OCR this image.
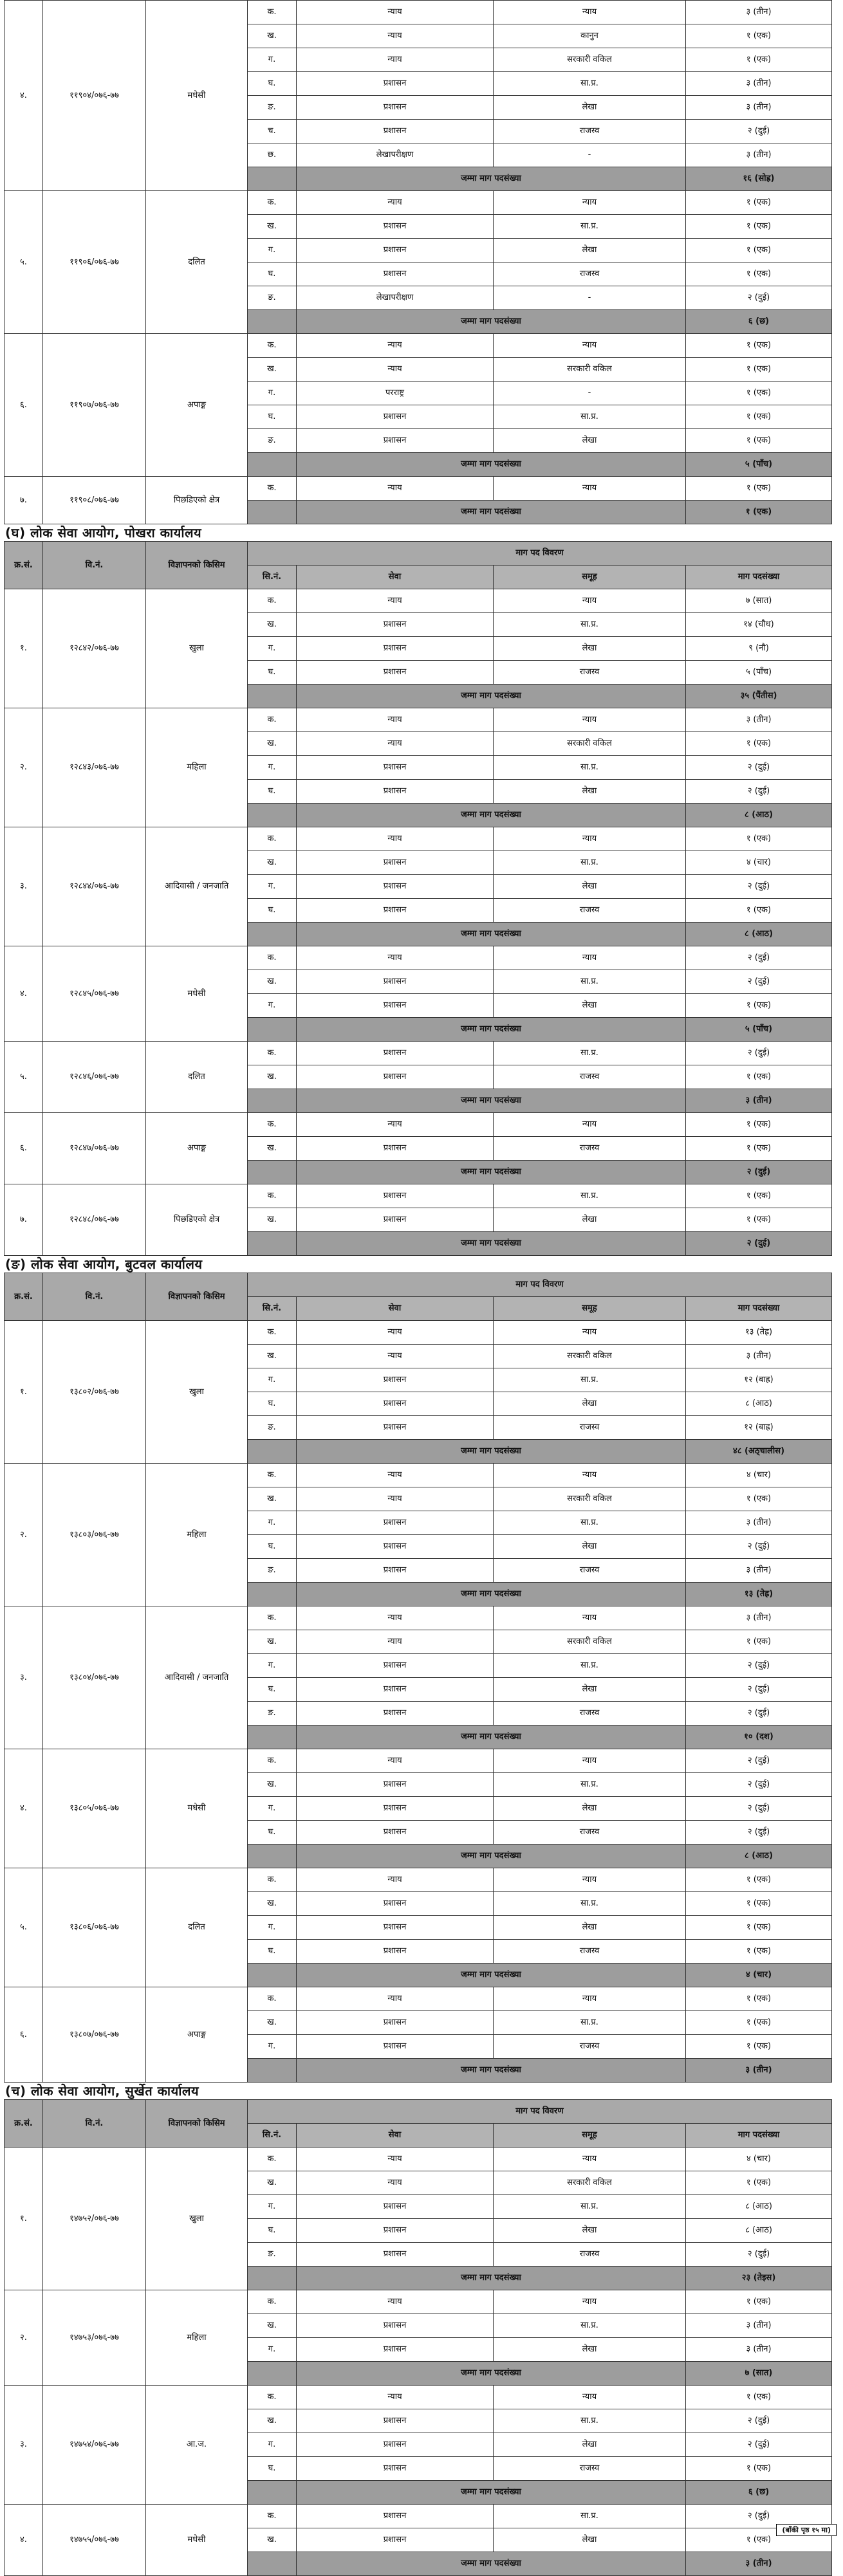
४.	११९०४/०७६-७७	मधेसी	क.	न्याय	न्याय	३ (तीन)
			ख.	न्याय	कानुन	१ (एक)
			ग.	न्याय	सरकारी वकिल	१ (एक)
			घ.	प्रशासन	सा.प्र.	३ (तीन)
			ङ.	प्रशासन	लेखा	३ (तीन)
			च.	प्रशासन	राजस्व	२ (दुई)
			छ.	लेखापरीक्षण	-	३ (तीन)
				जम्मा माग पदसंख्या		१६ (सोह्र)
५.	११९०६/०७६-७७	दलित	क.	न्याय	न्याय	१ (एक)
			ख.	प्रशासन	सा.प्र.	१ (एक)
			ग.	प्रशासन	लेखा	१ (एक)
			घ.	प्रशासन	राजस्व	१ (एक)
			ङ.	लेखापरीक्षण	-	२ (दुई)
				जम्मा माग पदसंख्या		६ (छ)
६.	११९०७/०७६-७७	अपाङ्ग	क.	न्याय	न्याय	१ (एक)
			ख.	न्याय	सरकारी वकिल	१ (एक)
			ग.	परराष्ट्र	-	१ (एक)
			घ.	प्रशासन	सा.प्र.	१ (एक)
			ङ.	प्रशासन	लेखा	१ (एक)
				जम्मा माग पदसंख्या		५ (पाँच)
७.	११९०८/०७६-७७	पिछडिएको क्षेत्र	क.	न्याय	न्याय	१ (एक)
				जम्मा माग पदसंख्या		१ (एक)
(घ) लोक सेवा आयोग, पोखरा कार्यालय
क्र.सं.	वि.नं.	विज्ञापनको किसिम	माग पद विवरण			
			सि.नं.	सेवा	समूह	माग पदसंख्या
१.	१२८४२/०७६-७७	खुला	क.	न्याय	न्याय	७ (सात)
			ख.	प्रशासन	सा.प्र.	१४ (चौध)
			ग.	प्रशासन	लेखा	९ (नौ)
			घ.	प्रशासन	राजस्व	५ (पाँच)
				जम्मा माग पदसंख्या		३५ (पैंतीस)
२.	१२८४३/०७६-७७	महिला	क.	न्याय	न्याय	३ (तीन)
			ख.	न्याय	सरकारी वकिल	१ (एक)
			ग.	प्रशासन	सा.प्र.	२ (दुई)
			घ.	प्रशासन	लेखा	२ (दुई)
				जम्मा माग पदसंख्या		८ (आठ)
३.	१२८४४/०७६-७७	आदिवासी / जनजाति	क.	न्याय	न्याय	१ (एक)
			ख.	प्रशासन	सा.प्र.	४ (चार)
			ग.	प्रशासन	लेखा	२ (दुई)
			घ.	प्रशासन	राजस्व	१ (एक)
				जम्मा माग पदसंख्या		८ (आठ)
४.	१२८४५/०७६-७७	मधेसी	क.	न्याय	न्याय	२ (दुई)
			ख.	प्रशासन	सा.प्र.	२ (दुई)
			ग.	प्रशासन	लेखा	१ (एक)
				जम्मा माग पदसंख्या		५ (पाँच)
५.	१२८४६/०७६-७७	दलित	क.	प्रशासन	सा.प्र.	२ (दुई)
			ख.	प्रशासन	राजस्व	१ (एक)
				जम्मा माग पदसंख्या		३ (तीन)
६.	१२८४७/०७६-७७	अपाङ्ग	क.	न्याय	न्याय	१ (एक)
			ख.	प्रशासन	राजस्व	१ (एक)
				जम्मा माग पदसंख्या		२ (दुई)
७.	१२८४८/०७६-७७	पिछडिएको क्षेत्र	क.	प्रशासन	सा.प्र.	१ (एक)
			ख.	प्रशासन	लेखा	१ (एक)
				जम्मा माग पदसंख्या		२ (दुई)
(ङ) लोक सेवा आयोग, बुटवल कार्यालय
क्र.सं.	वि.नं.	विज्ञापनको किसिम	माग पद विवरण			
			सि.नं.	सेवा	समूह	माग पदसंख्या
१.	१३८०२/०७६-७७	खुला	क.	न्याय	न्याय	१३ (तेह्र)
			ख.	न्याय	सरकारी वकिल	३ (तीन)
			ग.	प्रशासन	सा.प्र.	१२ (बाह्र)
			घ.	प्रशासन	लेखा	८ (आठ)
			ङ.	प्रशासन	राजस्व	१२ (बाह्र)
				जम्मा माग पदसंख्या		४८ (अठ्चालीस)
२.	१३८०३/०७६-७७	महिला	क.	न्याय	न्याय	४ (चार)
			ख.	न्याय	सरकारी वकिल	१ (एक)
			ग.	प्रशासन	सा.प्र.	३ (तीन)
			घ.	प्रशासन	लेखा	२ (दुई)
			ङ.	प्रशासन	राजस्व	३ (तीन)
				जम्मा माग पदसंख्या		१३ (तेह्र)
३.	१३८०४/०७६-७७	आदिवासी / जनजाति	क.	न्याय	न्याय	३ (तीन)
			ख.	न्याय	सरकारी वकिल	१ (एक)
			ग.	प्रशासन	सा.प्र.	२ (दुई)
			घ.	प्रशासन	लेखा	२ (दुई)
			ङ.	प्रशासन	राजस्व	२ (दुई)
				जम्मा माग पदसंख्या		१० (दश)
४.	१३८०५/०७६-७७	मधेसी	क.	न्याय	न्याय	२ (दुई)
			ख.	प्रशासन	सा.प्र.	२ (दुई)
			ग.	प्रशासन	लेखा	२ (दुई)
			घ.	प्रशासन	राजस्व	२ (दुई)
				जम्मा माग पदसंख्या		८ (आठ)
५.	१३८०६/०७६-७७	दलित	क.	न्याय	न्याय	१ (एक)
			ख.	प्रशासन	सा.प्र.	१ (एक)
			ग.	प्रशासन	लेखा	१ (एक)
			घ.	प्रशासन	राजस्व	१ (एक)
				जम्मा माग पदसंख्या		४ (चार)
६.	१३८०७/०७६-७७	अपाङ्ग	क.	न्याय	न्याय	१ (एक)
			ख.	प्रशासन	सा.प्र.	१ (एक)
			ग.	प्रशासन	राजस्व	१ (एक)
				जम्मा माग पदसंख्या		३ (तीन)
(च) लोक सेवा आयोग, सुर्खेत कार्यालय
क्र.सं.	वि.नं.	विज्ञापनको किसिम	माग पद विवरण			
			सि.नं.	सेवा	समूह	माग पदसंख्या
१.	१४७५२/०७६-७७	खुला	क.	न्याय	न्याय	४ (चार)
			ख.	न्याय	सरकारी वकिल	१ (एक)
			ग.	प्रशासन	सा.प्र.	८ (आठ)
			घ.	प्रशासन	लेखा	८ (आठ)
			ङ.	प्रशासन	राजस्व	२ (दुई)
				जम्मा माग पदसंख्या		२३ (तेइस)
२.	१४७५३/०७६-७७	महिला	क.	न्याय	न्याय	१ (एक)
			ख.	प्रशासन	सा.प्र.	३ (तीन)
			ग.	प्रशासन	लेखा	३ (तीन)
				जम्मा माग पदसंख्या		७ (सात)
३.	१४७५४/०७६-७७	आ.ज.	क.	न्याय	न्याय	१ (एक)
			ख.	प्रशासन	सा.प्र.	२ (दुई)
			ग.	प्रशासन	लेखा	२ (दुई)
			घ.	प्रशासन	राजस्व	१ (एक)
				जम्मा माग पदसंख्या		६ (छ)
४.	१४७५५/०७६-७७	मधेसी	क.	प्रशासन	सा.प्र.	२ (दुई)
			ख.	प्रशासन	लेखा	१ (एक)
				जम्मा माग पदसंख्या		३ (तीन)
(बाँकी पृष्ठ १५ मा)
